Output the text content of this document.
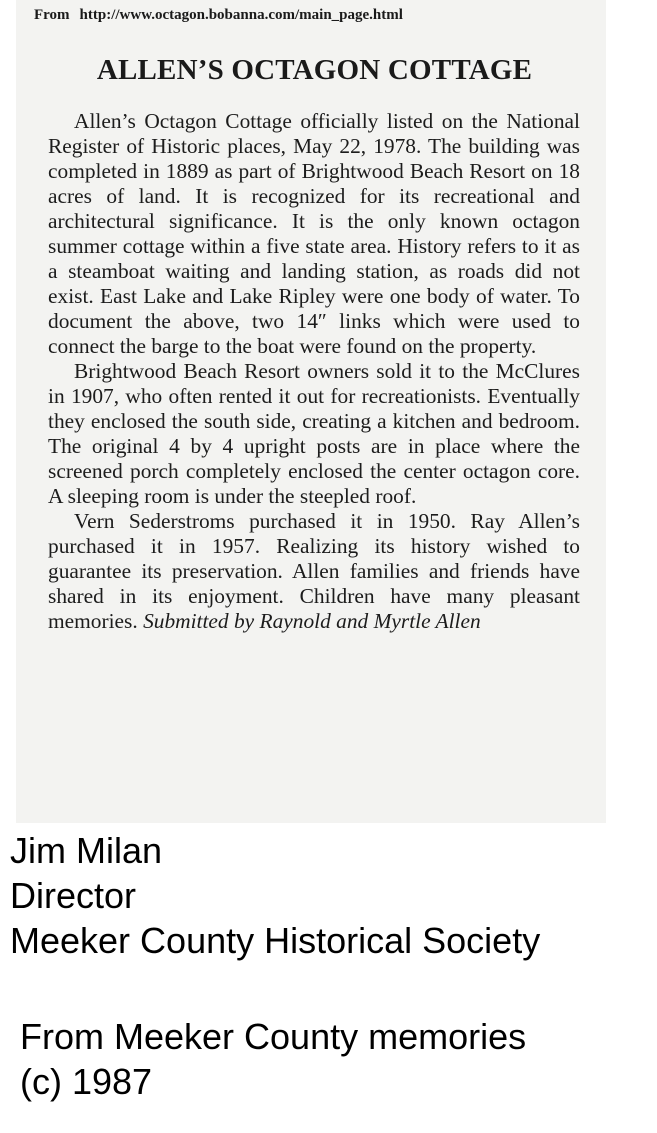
From http://www.octagon.bobanna.com/main_page.html
ALLEN’S OCTAGON COTTAGE

Allen’s Octagon Cottage officially listed on the National Register of Historic places, May 22, 1978. The building was completed in 1889 as part of Brightwood Beach Resort on 18 acres of land. It is recognized for its recreational and architectural significance. It is the only known octagon summer cottage within a five state area. History refers to it as a steamboat waiting and landing station, as roads did not exist. East Lake and Lake Ripley were one body of water. To document the above, two 14″ links which were used to connect the barge to the boat were found on the property.

Brightwood Beach Resort owners sold it to the McClures in 1907, who often rented it out for recreationists. Eventually they enclosed the south side, creating a kitchen and bedroom. The original 4 by 4 upright posts are in place where the screened porch completely enclosed the center octagon core. A sleeping room is under the steepled roof.

Vern Sederstroms purchased it in 1950. Ray Allen’s purchased it in 1957. Realizing its history wished to guarantee its preservation. Allen families and friends have shared in its enjoyment. Children have many pleasant memories. Submitted by Raynold and Myrtle Allen

Jim Milan
Director
Meeker County Historical Society
From Meeker County memories
(c) 1987
